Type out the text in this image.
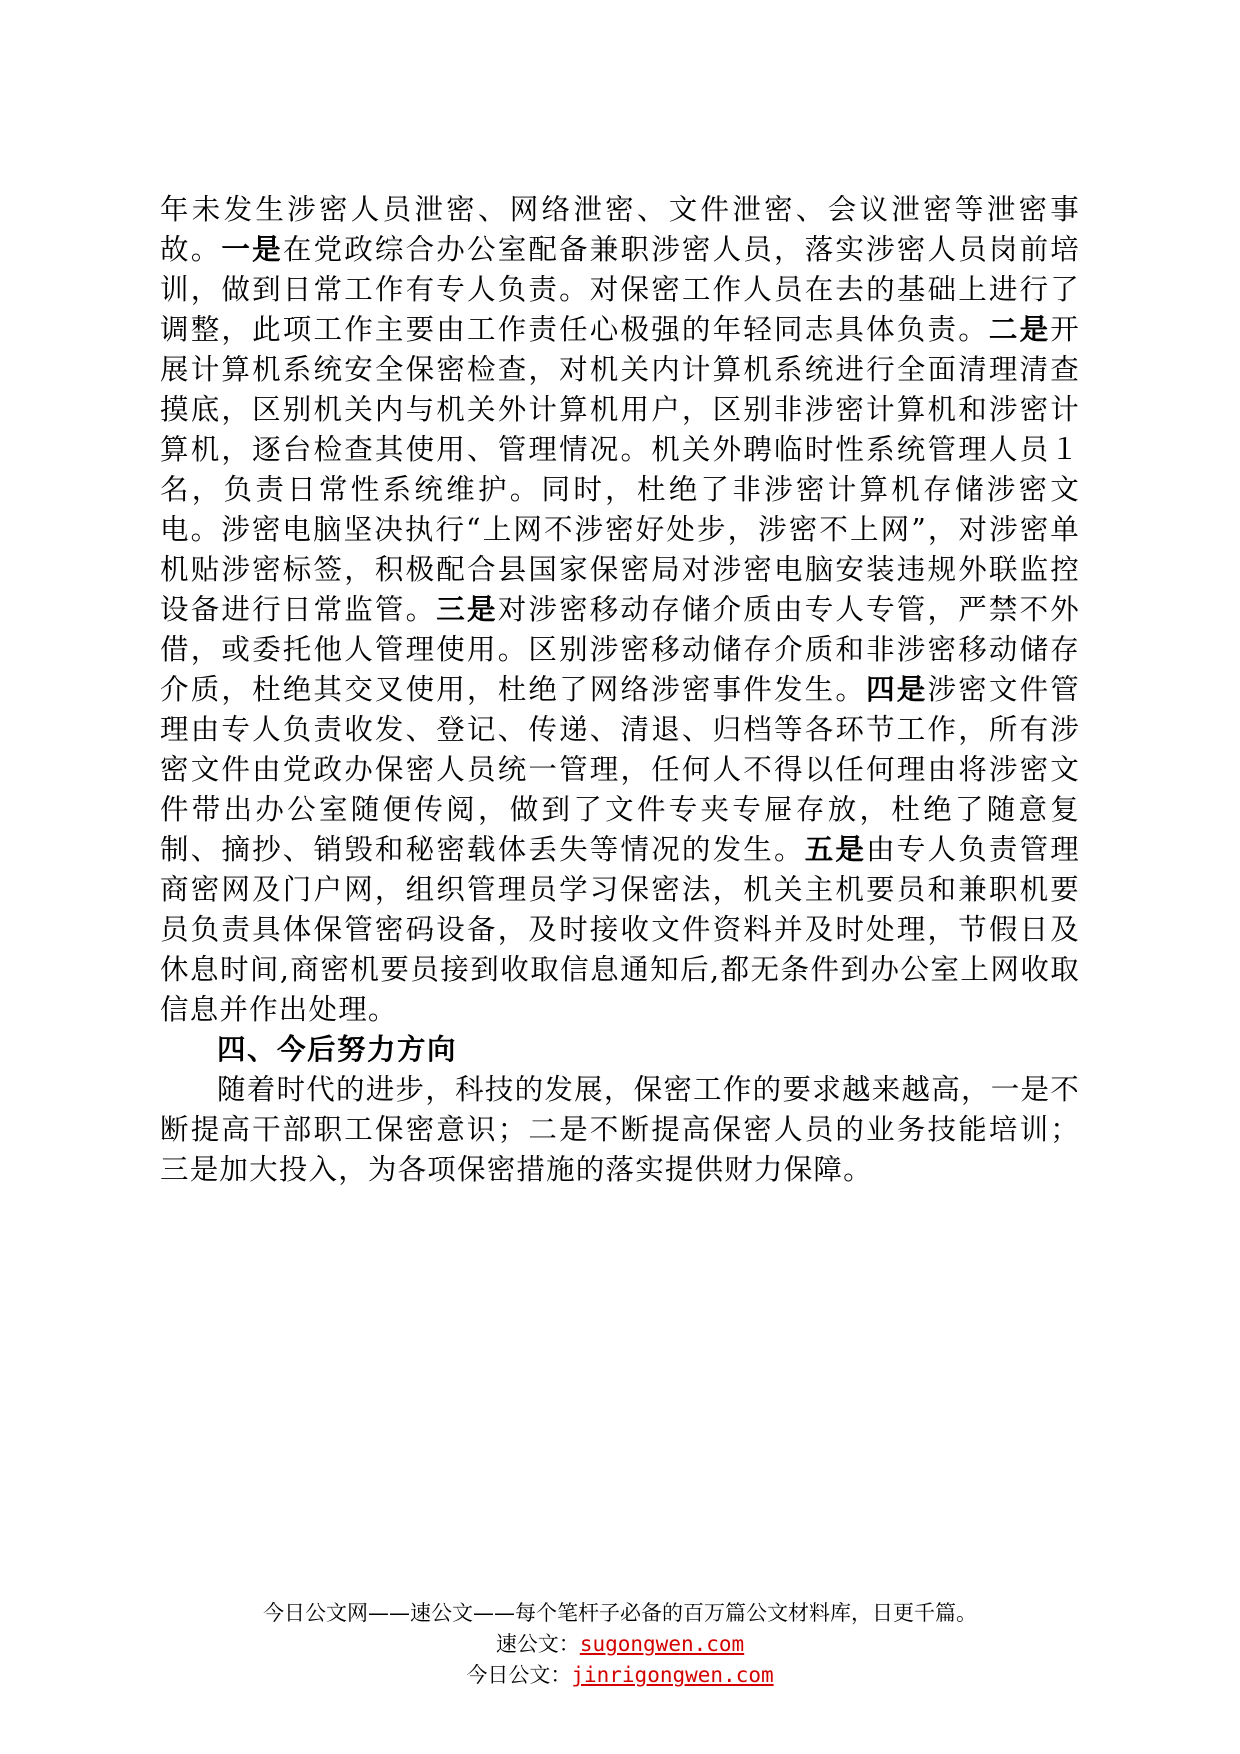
年未发生涉密人员泄密、网络泄密、文件泄密、会议泄密等泄密事故。一是在党政综合办公室配备兼职涉密人员，落实涉密人员岗前培训，做到日常工作有专人负责。对保密工作人员在去的基础上进行了调整，此项工作主要由工作责任心极强的年轻同志具体负责。二是开展计算机系统安全保密检查，对机关内计算机系统进行全面清理清查摸底，区别机关内与机关外计算机用户，区别非涉密计算机和涉密计算机，逐台检查其使用、管理情况。机关外聘临时性系统管理人员１名，负责日常性系统维护。同时，杜绝了非涉密计算机存储涉密文电。涉密电脑坚决执行“上网不涉密好处步，涉密不上网”，对涉密单机贴涉密标签，积极配合县国家保密局对涉密电脑安装违规外联监控设备进行日常监管。三是对涉密移动存储介质由专人专管，严禁不外借，或委托他人管理使用。区别涉密移动储存介质和非涉密移动储存介质，杜绝其交叉使用，杜绝了网络涉密事件发生。四是涉密文件管理由专人负责收发、登记、传递、清退、归档等各环节工作，所有涉密文件由党政办保密人员统一管理，任何人不得以任何理由将涉密文件带出办公室随便传阅，做到了文件专夹专屉存放，杜绝了随意复制、摘抄、销毁和秘密载体丢失等情况的发生。五是由专人负责管理商密网及门户网，组织管理员学习保密法，机关主机要员和兼职机要员负责具体保管密码设备，及时接收文件资料并及时处理，节假日及休息时间,商密机要员接到收取信息通知后,都无条件到办公室上网收取信息并作出处理。

四、今后努力方向

随着时代的进步，科技的发展，保密工作的要求越来越高，一是不断提高干部职工保密意识；二是不断提高保密人员的业务技能培训；三是加大投入，为各项保密措施的落实提供财力保障。

今日公文网——速公文——每个笔杆子必备的百万篇公文材料库，日更千篇。
速公文：sugongwen.com
今日公文：jinrigongwen.com
